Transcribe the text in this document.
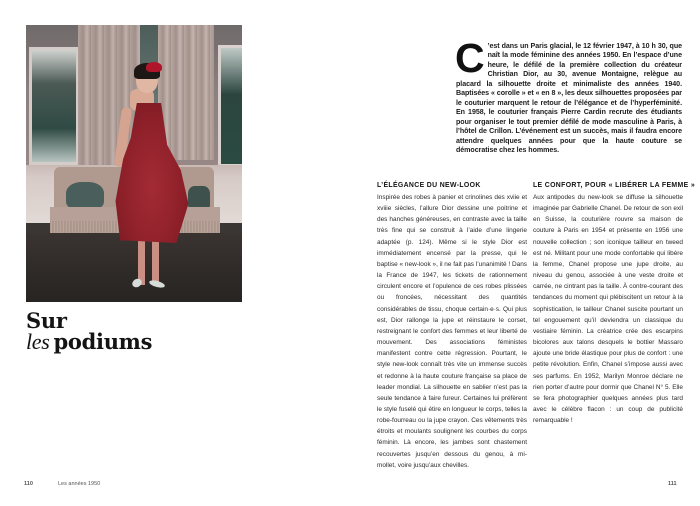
Sur
les podiums
110	Les années 1950
C ’est dans un Paris glacial, le 12 février 1947, à 10 h 30, que naît la mode féminine des années 1950. En l’espace d’une heure, le défilé de la première collection du créateur Christian Dior, au 30, avenue Montaigne, relègue au placard la silhouette droite et minimaliste des années 1940. Baptisées « corolle » et « en 8 », les deux silhouettes proposées par le couturier marquent le retour de l’élégance et de l’hyperféminité. En 1958, le couturier français Pierre Cardin recrute des étudiants pour organiser le tout premier défilé de mode masculine à Paris, à l’hôtel de Crillon. L’événement est un succès, mais il faudra encore attendre quelques années pour que la haute couture se démocratise chez les hommes.
L’ÉLÉGANCE DU NEW-LOOK

Inspirée des robes à panier et crinolines des xviie et xviiie siècles, l’allure Dior dessine une poitrine et des hanches généreuses, en contraste avec la taille très fine qui se construit à l’aide d’une lingerie adaptée (p. 124). Même si le style Dior est immédiatement encensé par la presse, qui le baptise « new-look », il ne fait pas l’unanimité ! Dans la France de 1947, les tickets de rationnement circulent encore et l’opulence de ces robes plissées ou froncées, nécessitant des quantités considérables de tissu, choque certain·e·s. Qui plus est, Dior rallonge la jupe et réinstaure le corset, restreignant le confort des femmes et leur liberté de mouvement. Des associations féministes manifestent contre cette régression. Pourtant, le style new-look connaît très vite un immense succès et redonne à la haute couture française sa place de leader mondial. La silhouette en sablier n’est pas la seule tendance à faire fureur. Certaines lui préfèrent le style fuselé qui étire en longueur le corps, telles la robe-fourreau ou la jupe crayon. Ces vêtements très étroits et moulants soulignent les courbes du corps féminin. Là encore, les jambes sont chastement recouvertes jusqu’en dessous du genou, à mi-mollet, voire jusqu’aux chevilles.

LE CONFORT, POUR « LIBÉRER LA FEMME »

Aux antipodes du new-look se diffuse la silhouette imaginée par Gabrielle Chanel. De retour de son exil en Suisse, la couturière rouvre sa maison de couture à Paris en 1954 et présente en 1956 une nouvelle collection ; son iconique tailleur en tweed est né. Militant pour une mode confortable qui libère la femme, Chanel propose une jupe droite, au niveau du genou, associée à une veste droite et carrée, ne cintrant pas la taille. À contre-courant des tendances du moment qui plébiscitent un retour à la sophistication, le tailleur Chanel suscite pourtant un tel engouement qu’il deviendra un classique du vestiaire féminin. La créatrice crée des escarpins bicolores aux talons desquels le bottier Massaro ajoute une bride élastique pour plus de confort : une petite révolution. Enfin, Chanel s’impose aussi avec ses parfums. En 1952, Marilyn Monroe déclare ne rien porter d’autre pour dormir que Chanel N° 5. Elle se fera photographier quelques années plus tard avec le célèbre flacon : un coup de publicité remarquable !

111
